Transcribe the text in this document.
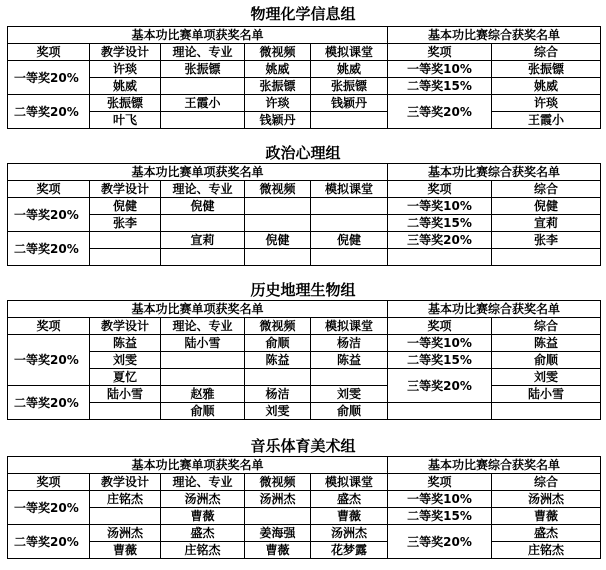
物理化学信息组
基本功比赛单项获奖名单					基本功比赛综合获奖名单	
奖项	教学设计	理论、专业	微视频	模拟课堂	奖项	综合
一等奖20%	许琰	张振镖	姚威	姚威	一等奖10%	张振镖
	姚威		张振镖	张振镖	二等奖15%	姚威
二等奖20%	张振镖	王霞小	许琰	钱颖丹	三等奖20%	许琰
	叶飞		钱颖丹			王霞小
政治心理组
基本功比赛单项获奖名单					基本功比赛综合获奖名单	
奖项	教学设计	理论、专业	微视频	模拟课堂	奖项	综合
一等奖20%	倪健	倪健			一等奖10%	倪健
	张李				二等奖15%	宣莉
二等奖20%		宣莉	倪健	倪健	三等奖20%	张李

历史地理生物组
基本功比赛单项获奖名单					基本功比赛综合获奖名单	
奖项	教学设计	理论、专业	微视频	模拟课堂	奖项	综合
一等奖20%	陈益	陆小雪	俞顺	杨洁	一等奖10%	陈益
	刘雯		陈益	陈益	二等奖15%	俞顺
	夏忆				三等奖20%	刘雯
二等奖20%	陆小雪	赵雅	杨洁	刘雯		陆小雪
		俞顺	刘雯	俞顺		
音乐体育美术组
基本功比赛单项获奖名单					基本功比赛综合获奖名单	
奖项	教学设计	理论、专业	微视频	模拟课堂	奖项	综合
一等奖20%	庄铭杰	汤洲杰	汤洲杰	盛杰	一等奖10%	汤洲杰
		曹薇		曹薇	二等奖15%	曹薇
二等奖20%	汤洲杰	盛杰	姜海强	汤洲杰	三等奖20%	盛杰
	曹薇	庄铭杰	曹薇	花梦露		庄铭杰
